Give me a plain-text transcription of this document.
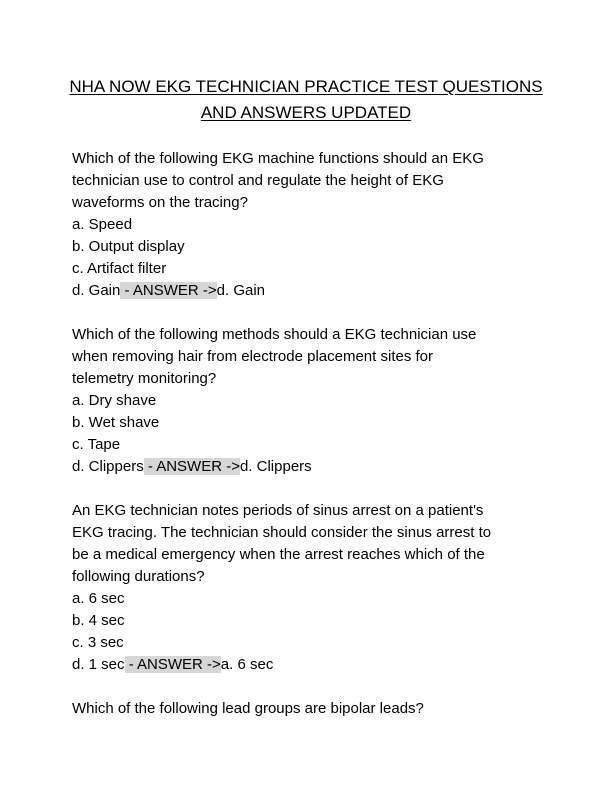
NHA NOW EKG TECHNICIAN PRACTICE TEST QUESTIONS
AND ANSWERS UPDATED
Which of the following EKG machine functions should an EKG
technician use to control and regulate the height of EKG
waveforms on the tracing?
a. Speed
b. Output display
c. Artifact filter
d. Gain - ANSWER ->d. Gain
Which of the following methods should a EKG technician use
when removing hair from electrode placement sites for
telemetry monitoring?
a. Dry shave
b. Wet shave
c. Tape
d. Clippers - ANSWER ->d. Clippers
An EKG technician notes periods of sinus arrest on a patient's
EKG tracing. The technician should consider the sinus arrest to
be a medical emergency when the arrest reaches which of the
following durations?
a. 6 sec
b. 4 sec
c. 3 sec
d. 1 sec - ANSWER ->a. 6 sec
Which of the following lead groups are bipolar leads?
